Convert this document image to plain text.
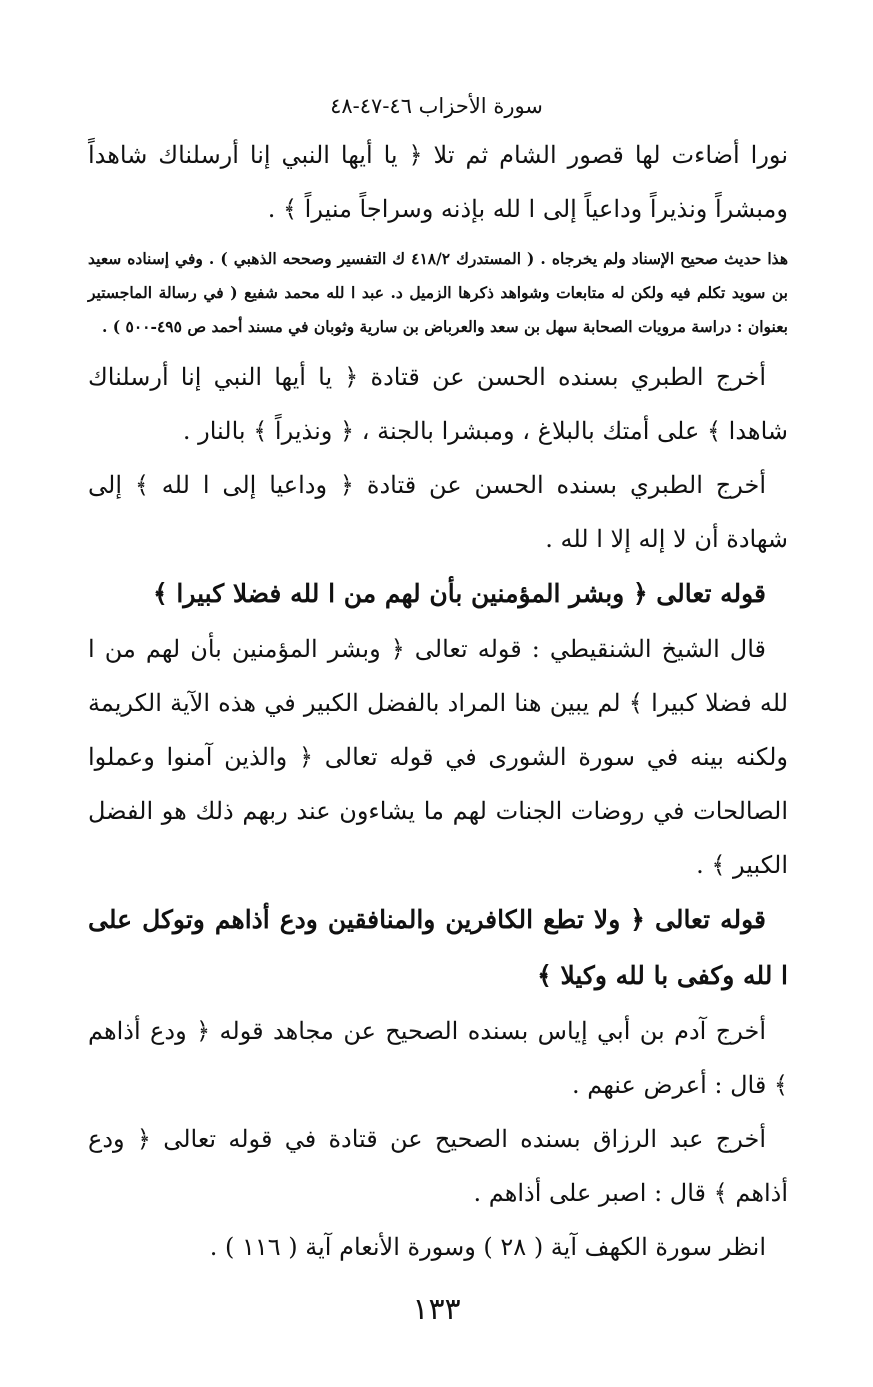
سورة الأحزاب ٤٦-٤٧-٤٨

نورا أضاءت لها قصور الشام ثم تلا ﴿ يا أيها النبي إنا أرسلناك شاهداً ومبشراً ونذيراً وداعياً إلى ا لله بإذنه وسراجاً منيراً ﴾ .

هذا حديث صحيح الإسناد ولم يخرجاه . ( المستدرك ٤١٨/٢ ك التفسير وصححه الذهبي ) . وفي إسناده سعيد بن سويد تكلم فيه ولكن له متابعات وشواهد ذكرها الزميل د. عبد ا لله محمد شفيع ( في رسالة الماجستير بعنوان : دراسة مرويات الصحابة سهل بن سعد والعرباض بن سارية وثوبان في مسند أحمد ص ٤٩٥-٥٠٠ ) .

أخرج الطبري بسنده الحسن عن قتادة ﴿ يا أيها النبي إنا أرسلناك شاهدا ﴾ على أمتك بالبلاغ ، ومبشرا بالجنة ، ﴿ ونذيراً ﴾ بالنار .

أخرج الطبري بسنده الحسن عن قتادة ﴿ وداعيا إلى ا لله ﴾ إلى شهادة أن لا إله إلا ا لله .

قوله تعالى ﴿ وبشر المؤمنين بأن لهم من ا لله فضلا كبيرا ﴾

قال الشيخ الشنقيطي : قوله تعالى ﴿ وبشر المؤمنين بأن لهم من ا لله فضلا كبيرا ﴾ لم يبين هنا المراد بالفضل الكبير في هذه الآية الكريمة ولكنه بينه في سورة الشورى في قوله تعالى ﴿ والذين آمنوا وعملوا الصالحات في روضات الجنات لهم ما يشاءون عند ربهم ذلك هو الفضل الكبير ﴾ .

قوله تعالى ﴿ ولا تطع الكافرين والمنافقين ودع أذاهم وتوكل على ا لله وكفى با لله وكيلا ﴾

أخرج آدم بن أبي إياس بسنده الصحيح عن مجاهد قوله ﴿ ودع أذاهم ﴾ قال : أعرض عنهم .

أخرج عبد الرزاق بسنده الصحيح عن قتادة في قوله تعالى ﴿ ودع أذاهم ﴾ قال : اصبر على أذاهم .

انظر سورة الكهف آية ( ٢٨ ) وسورة الأنعام آية ( ١١٦ ) .

١٣٣
